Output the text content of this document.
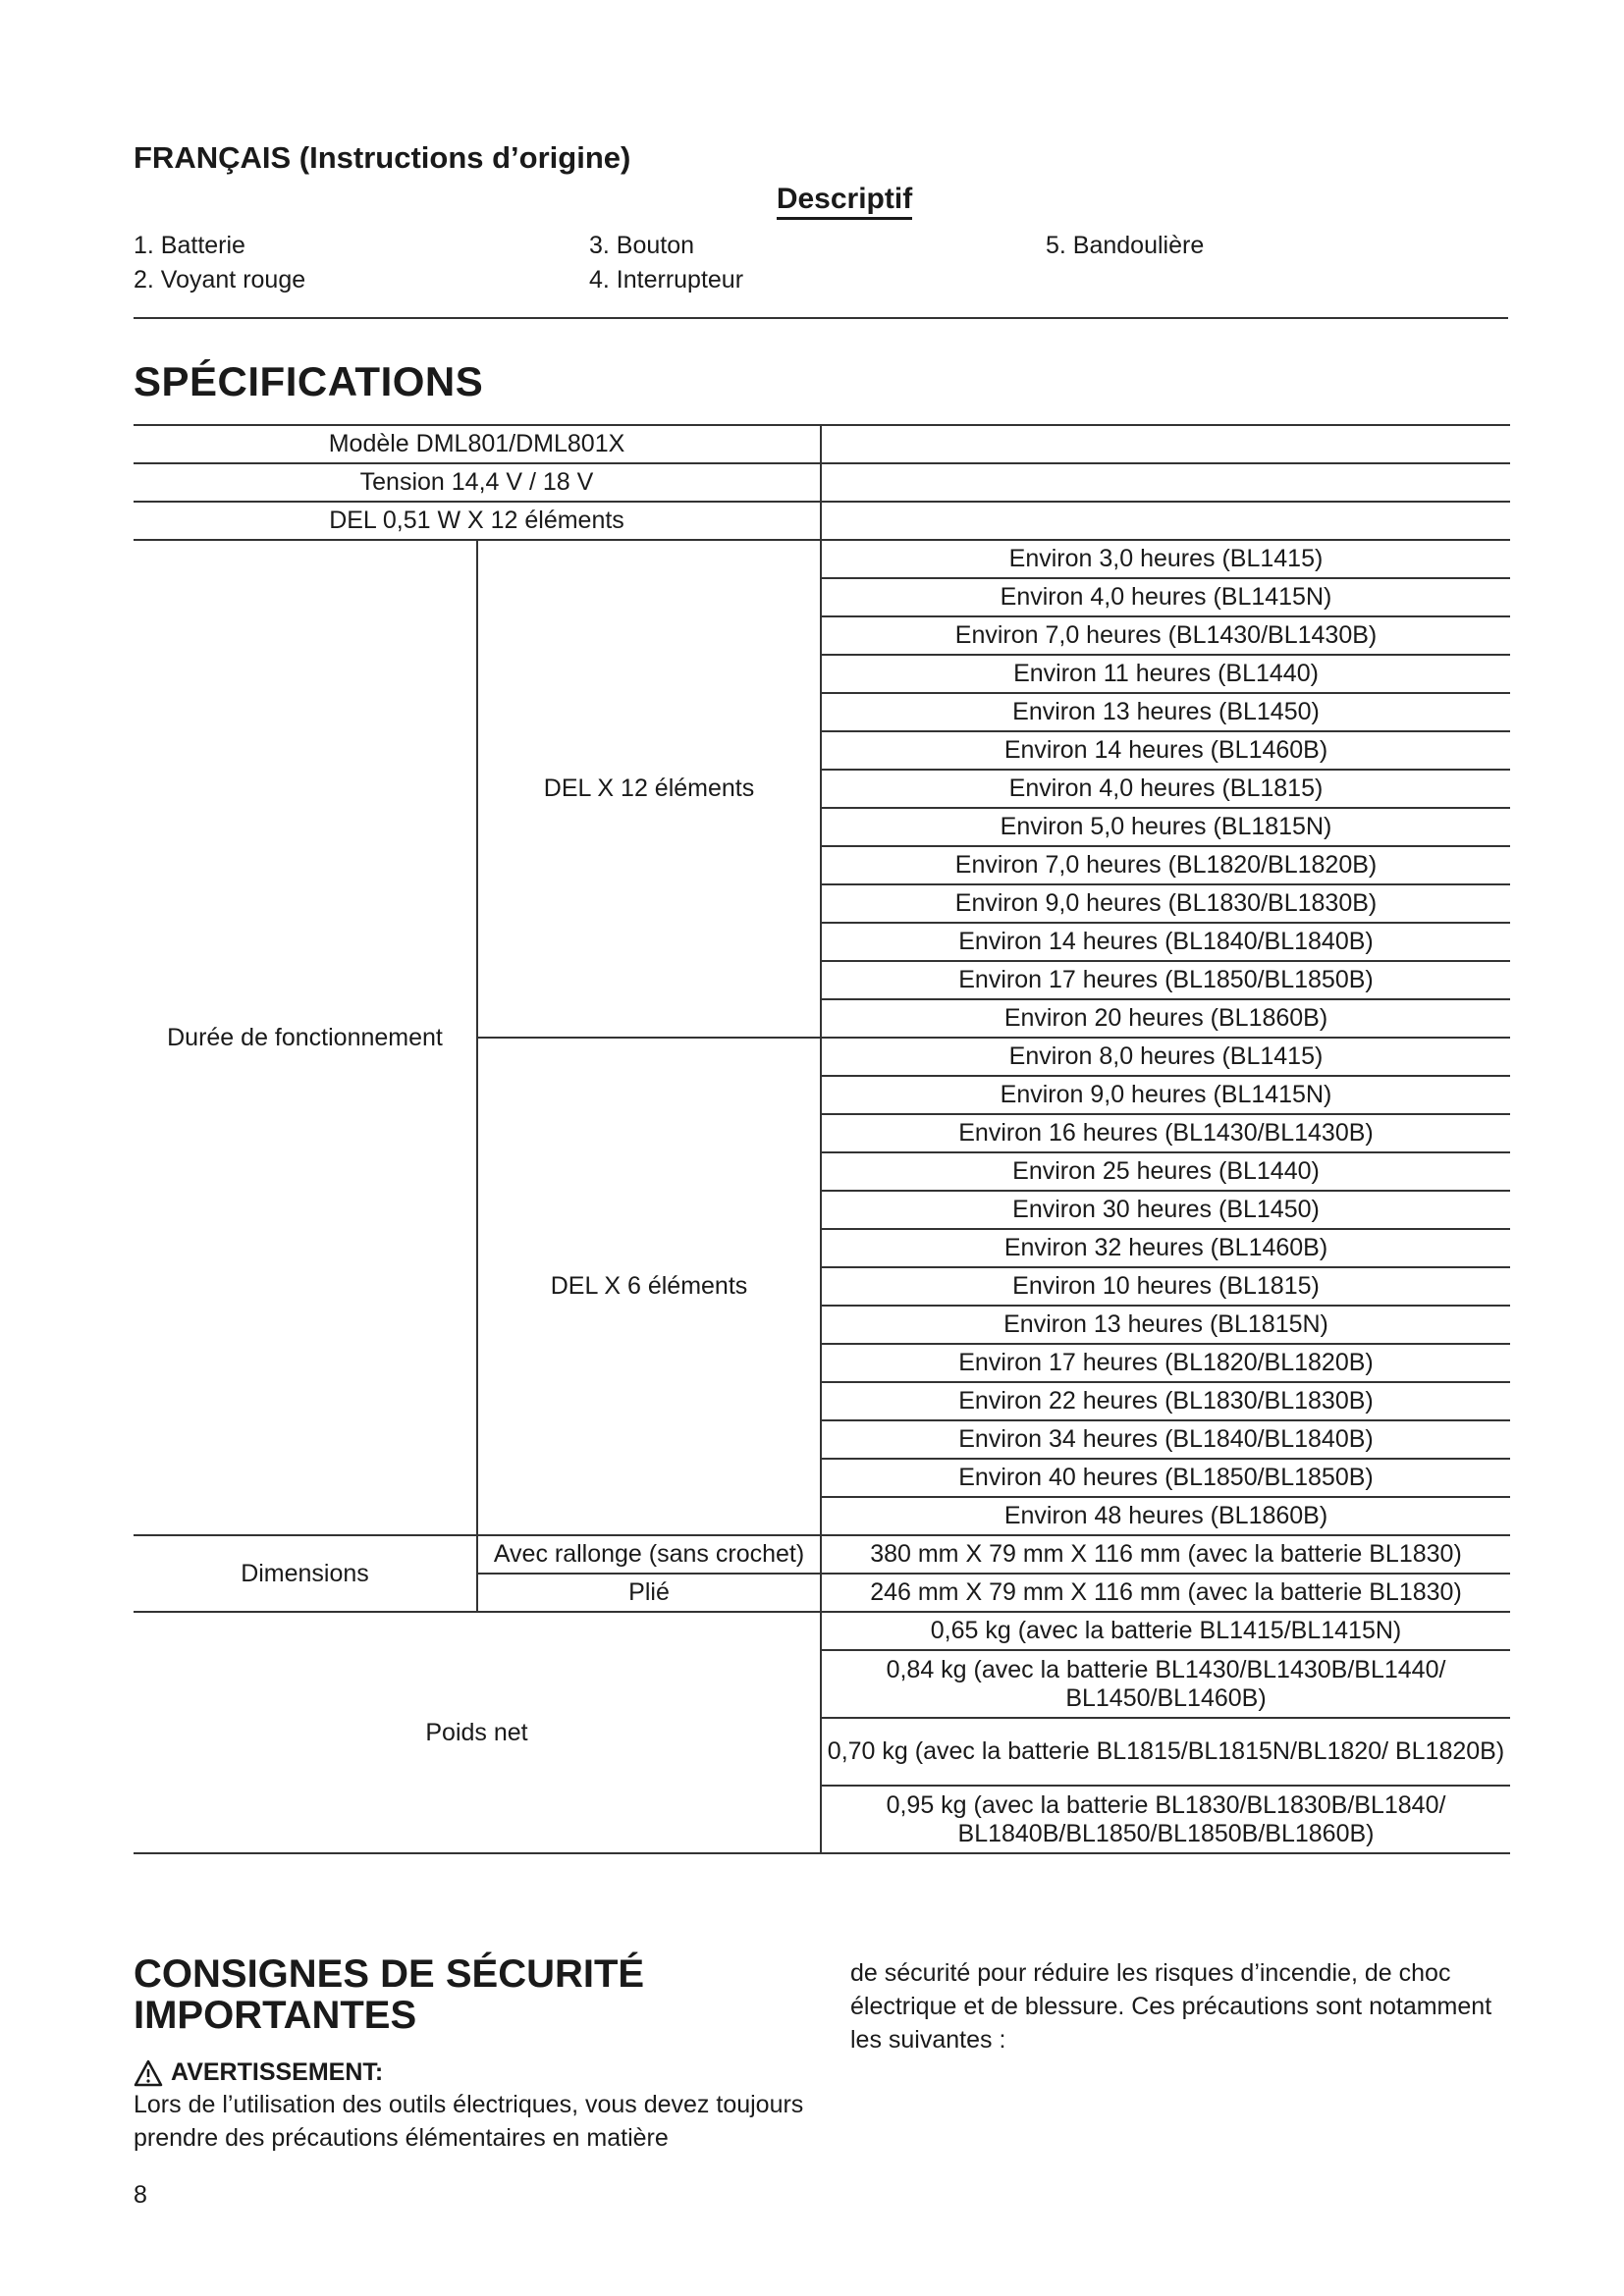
FRANÇAIS (Instructions d’origine)
Descriptif
1. Batterie
2. Voyant rouge
3. Bouton
4. Interrupteur
5. Bandoulière
SPÉCIFICATIONS
Modèle DML801/DML801X		
Tension 14,4 V / 18 V		
DEL 0,51 W X 12 éléments		
Durée de fonctionnement	DEL X 12 éléments	Environ 3,0 heures (BL1415)
		Environ 4,0 heures (BL1415N)
		Environ 7,0 heures (BL1430/BL1430B)
		Environ 11 heures (BL1440)
		Environ 13 heures (BL1450)
		Environ 14 heures (BL1460B)
		Environ 4,0 heures (BL1815)
		Environ 5,0 heures (BL1815N)
		Environ 7,0 heures (BL1820/BL1820B)
		Environ 9,0 heures (BL1830/BL1830B)
		Environ 14 heures (BL1840/BL1840B)
		Environ 17 heures (BL1850/BL1850B)
		Environ 20 heures (BL1860B)
	DEL X 6 éléments	Environ 8,0 heures (BL1415)
		Environ 9,0 heures (BL1415N)
		Environ 16 heures (BL1430/BL1430B)
		Environ 25 heures (BL1440)
		Environ 30 heures (BL1450)
		Environ 32 heures (BL1460B)
		Environ 10 heures (BL1815)
		Environ 13 heures (BL1815N)
		Environ 17 heures (BL1820/BL1820B)
		Environ 22 heures (BL1830/BL1830B)
		Environ 34 heures (BL1840/BL1840B)
		Environ 40 heures (BL1850/BL1850B)
		Environ 48 heures (BL1860B)
Dimensions	Avec rallonge (sans crochet)	380 mm X 79 mm X 116 mm (avec la batterie BL1830)
	Plié	246 mm X 79 mm X 116 mm (avec la batterie BL1830)
Poids net		0,65 kg (avec la batterie BL1415/BL1415N)
		0,84 kg (avec la batterie BL1430/BL1430B/BL1440/ BL1450/BL1460B)
		0,70 kg (avec la batterie BL1815/BL1815N/BL1820/ BL1820B)
		0,95 kg (avec la batterie BL1830/BL1830B/BL1840/ BL1840B/BL1850/BL1850B/BL1860B)
CONSIGNES DE SÉCURITÉ IMPORTANTES
AVERTISSEMENT:

Lors de l’utilisation des outils électriques, vous devez toujours prendre des précautions élémentaires en matière

de sécurité pour réduire les risques d’incendie, de choc électrique et de blessure. Ces précautions sont notamment les suivantes :

8
